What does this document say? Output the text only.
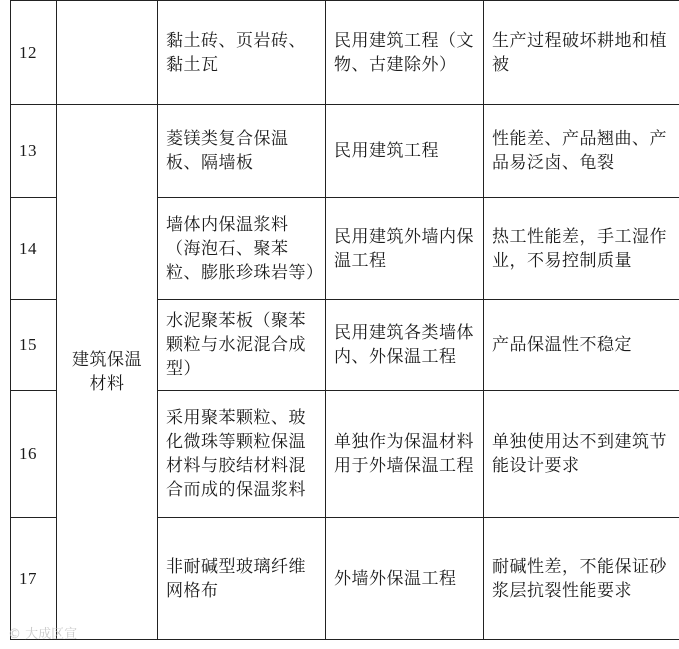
12		黏土砖、页岩砖、黏土瓦	民用建筑工程（文物、古建除外）	生产过程破坏耕地和植被
13	建筑保温材料	菱镁类复合保温板、隔墙板	民用建筑工程	性能差、产品翘曲、产品易泛卤、龟裂
14		墙体内保温浆料（海泡石、聚苯粒、膨胀珍珠岩等）	民用建筑外墙内保温工程	热工性能差，手工湿作业，不易控制质量
15		水泥聚苯板（聚苯颗粒与水泥混合成型）	民用建筑各类墙体内、外保温工程	产品保温性不稳定
16		采用聚苯颗粒、玻化微珠等颗粒保温材料与胶结材料混合而成的保温浆料	单独作为保温材料用于外墙保温工程	单独使用达不到建筑节能设计要求
17		非耐碱型玻璃纤维网格布	外墙外保温工程	耐碱性差，不能保证砂浆层抗裂性能要求
© 大成区宣
